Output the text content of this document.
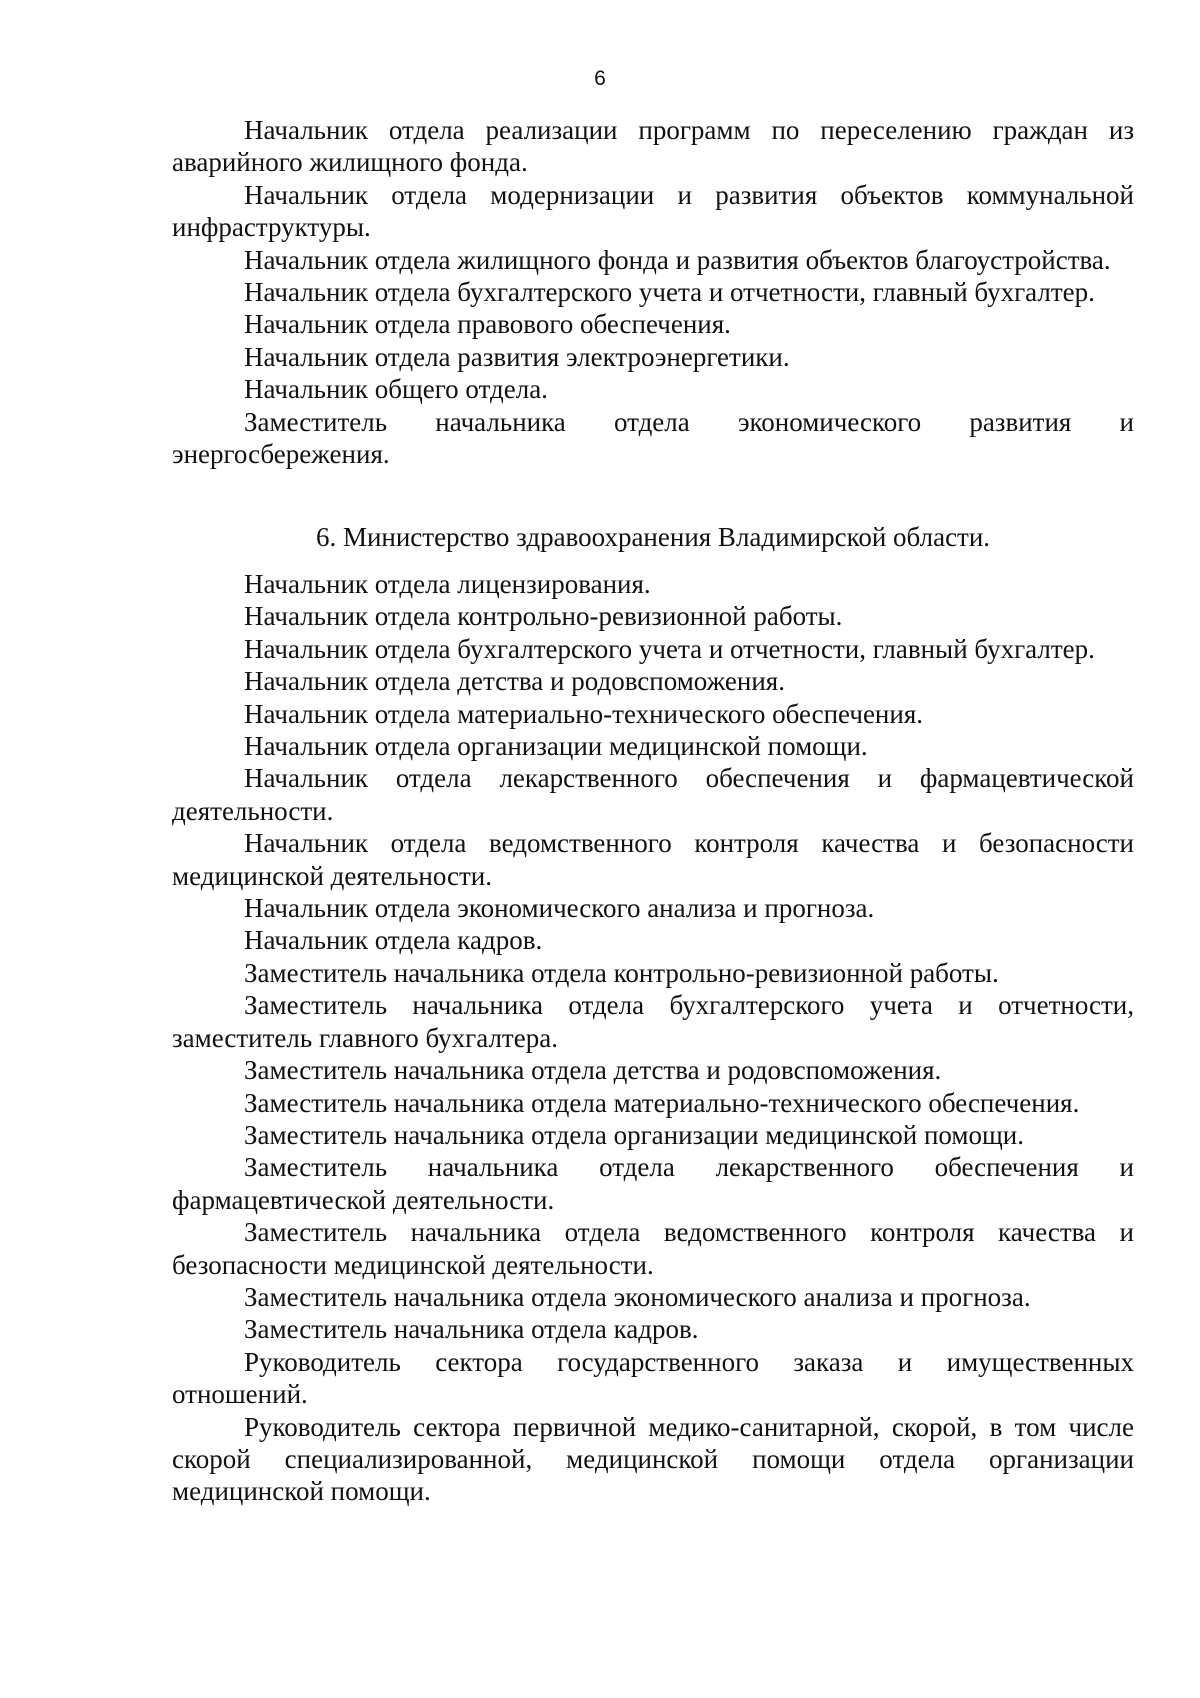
6

Начальник отдела реализации программ по переселению граждан из аварийного жилищного фонда.

Начальник отдела модернизации и развития объектов коммунальной инфраструктуры.

Начальник отдела жилищного фонда и развития объектов благоустройства.

Начальник отдела бухгалтерского учета и отчетности, главный бухгалтер.

Начальник отдела правового обеспечения.

Начальник отдела развития электроэнергетики.

Начальник общего отдела.

Заместитель начальника отдела экономического развития и энергосбережения.

6. Министерство здравоохранения Владимирской области.

Начальник отдела лицензирования.

Начальник отдела контрольно-ревизионной работы.

Начальник отдела бухгалтерского учета и отчетности, главный бухгалтер.

Начальник отдела детства и родовспоможения.

Начальник отдела материально-технического обеспечения.

Начальник отдела организации медицинской помощи.

Начальник отдела лекарственного обеспечения и фармацевтической деятельности.

Начальник отдела ведомственного контроля качества и безопасности медицинской деятельности.

Начальник отдела экономического анализа и прогноза.

Начальник отдела кадров.

Заместитель начальника отдела контрольно-ревизионной работы.

Заместитель начальника отдела бухгалтерского учета и отчетности, заместитель главного бухгалтера.

Заместитель начальника отдела детства и родовспоможения.

Заместитель начальника отдела материально-технического обеспечения.

Заместитель начальника отдела организации медицинской помощи.

Заместитель начальника отдела лекарственного обеспечения и фармацевтической деятельности.

Заместитель начальника отдела ведомственного контроля качества и безопасности медицинской деятельности.

Заместитель начальника отдела экономического анализа и прогноза.

Заместитель начальника отдела кадров.

Руководитель сектора государственного заказа и имущественных отношений.

Руководитель сектора первичной медико-санитарной, скорой, в том числе скорой специализированной, медицинской помощи отдела организации медицинской помощи.
